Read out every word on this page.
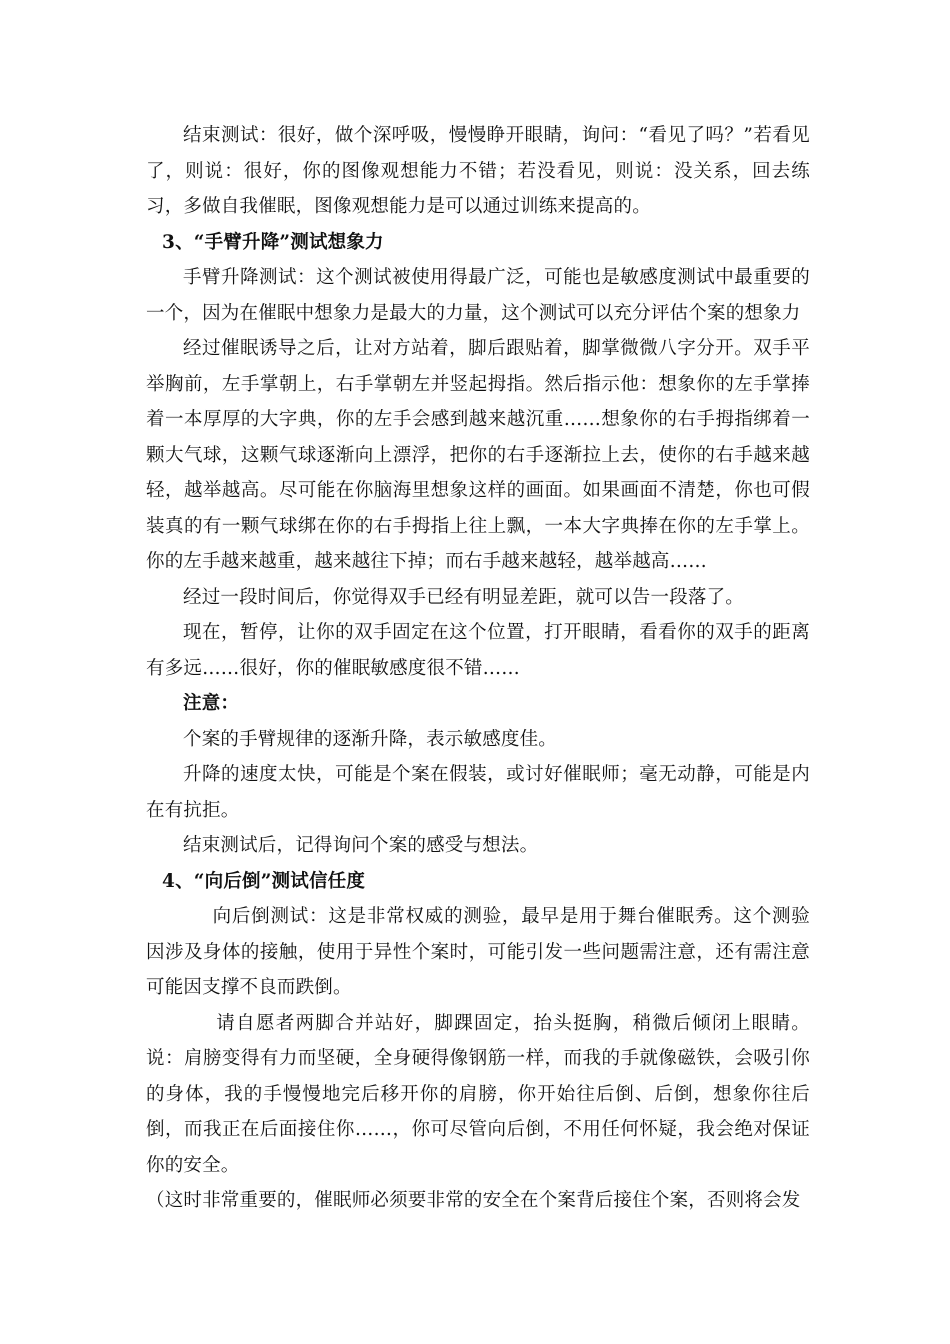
结束测试：很好，做个深呼吸，慢慢睁开眼睛，询问：“看见了吗？”若看见了，则说：很好，你的图像观想能力不错；若没看见，则说：没关系，回去练习，多做自我催眠，图像观想能力是可以通过训练来提高的。

3、“手臂升降”测试想象力

手臂升降测试：这个测试被使用得最广泛，可能也是敏感度测试中最重要的一个，因为在催眠中想象力是最大的力量，这个测试可以充分评估个案的想象力

经过催眠诱导之后，让对方站着，脚后跟贴着，脚掌微微八字分开。双手平举胸前，左手掌朝上，右手掌朝左并竖起拇指。然后指示他：想象你的左手掌捧着一本厚厚的大字典，你的左手会感到越来越沉重……想象你的右手拇指绑着一颗大气球，这颗气球逐渐向上漂浮，把你的右手逐渐拉上去，使你的右手越来越轻，越举越高。尽可能在你脑海里想象这样的画面。如果画面不清楚，你也可假装真的有一颗气球绑在你的右手拇指上往上飘，一本大字典捧在你的左手掌上。你的左手越来越重，越来越往下掉；而右手越来越轻，越举越高……

经过一段时间后，你觉得双手已经有明显差距，就可以告一段落了。

现在，暂停，让你的双手固定在这个位置，打开眼睛，看看你的双手的距离有多远……很好，你的催眠敏感度很不错……

注意：

个案的手臂规律的逐渐升降，表示敏感度佳。

升降的速度太快，可能是个案在假装，或讨好催眠师；毫无动静，可能是内在有抗拒。

结束测试后，记得询问个案的感受与想法。

4、“向后倒”测试信任度

向后倒测试：这是非常权威的测验，最早是用于舞台催眠秀。这个测验因涉及身体的接触，使用于异性个案时，可能引发一些问题需注意，还有需注意可能因支撑不良而跌倒。

请自愿者两脚合并站好，脚踝固定，抬头挺胸，稍微后倾闭上眼睛。说：肩膀变得有力而坚硬，全身硬得像钢筋一样，而我的手就像磁铁，会吸引你的身体，我的手慢慢地完后移开你的肩膀，你开始往后倒、后倒，想象你往后倒，而我正在后面接住你……，你可尽管向后倒，不用任何怀疑，我会绝对保证你的安全。

（这时非常重要的，催眠师必须要非常的安全在个案背后接住个案，否则将会发
